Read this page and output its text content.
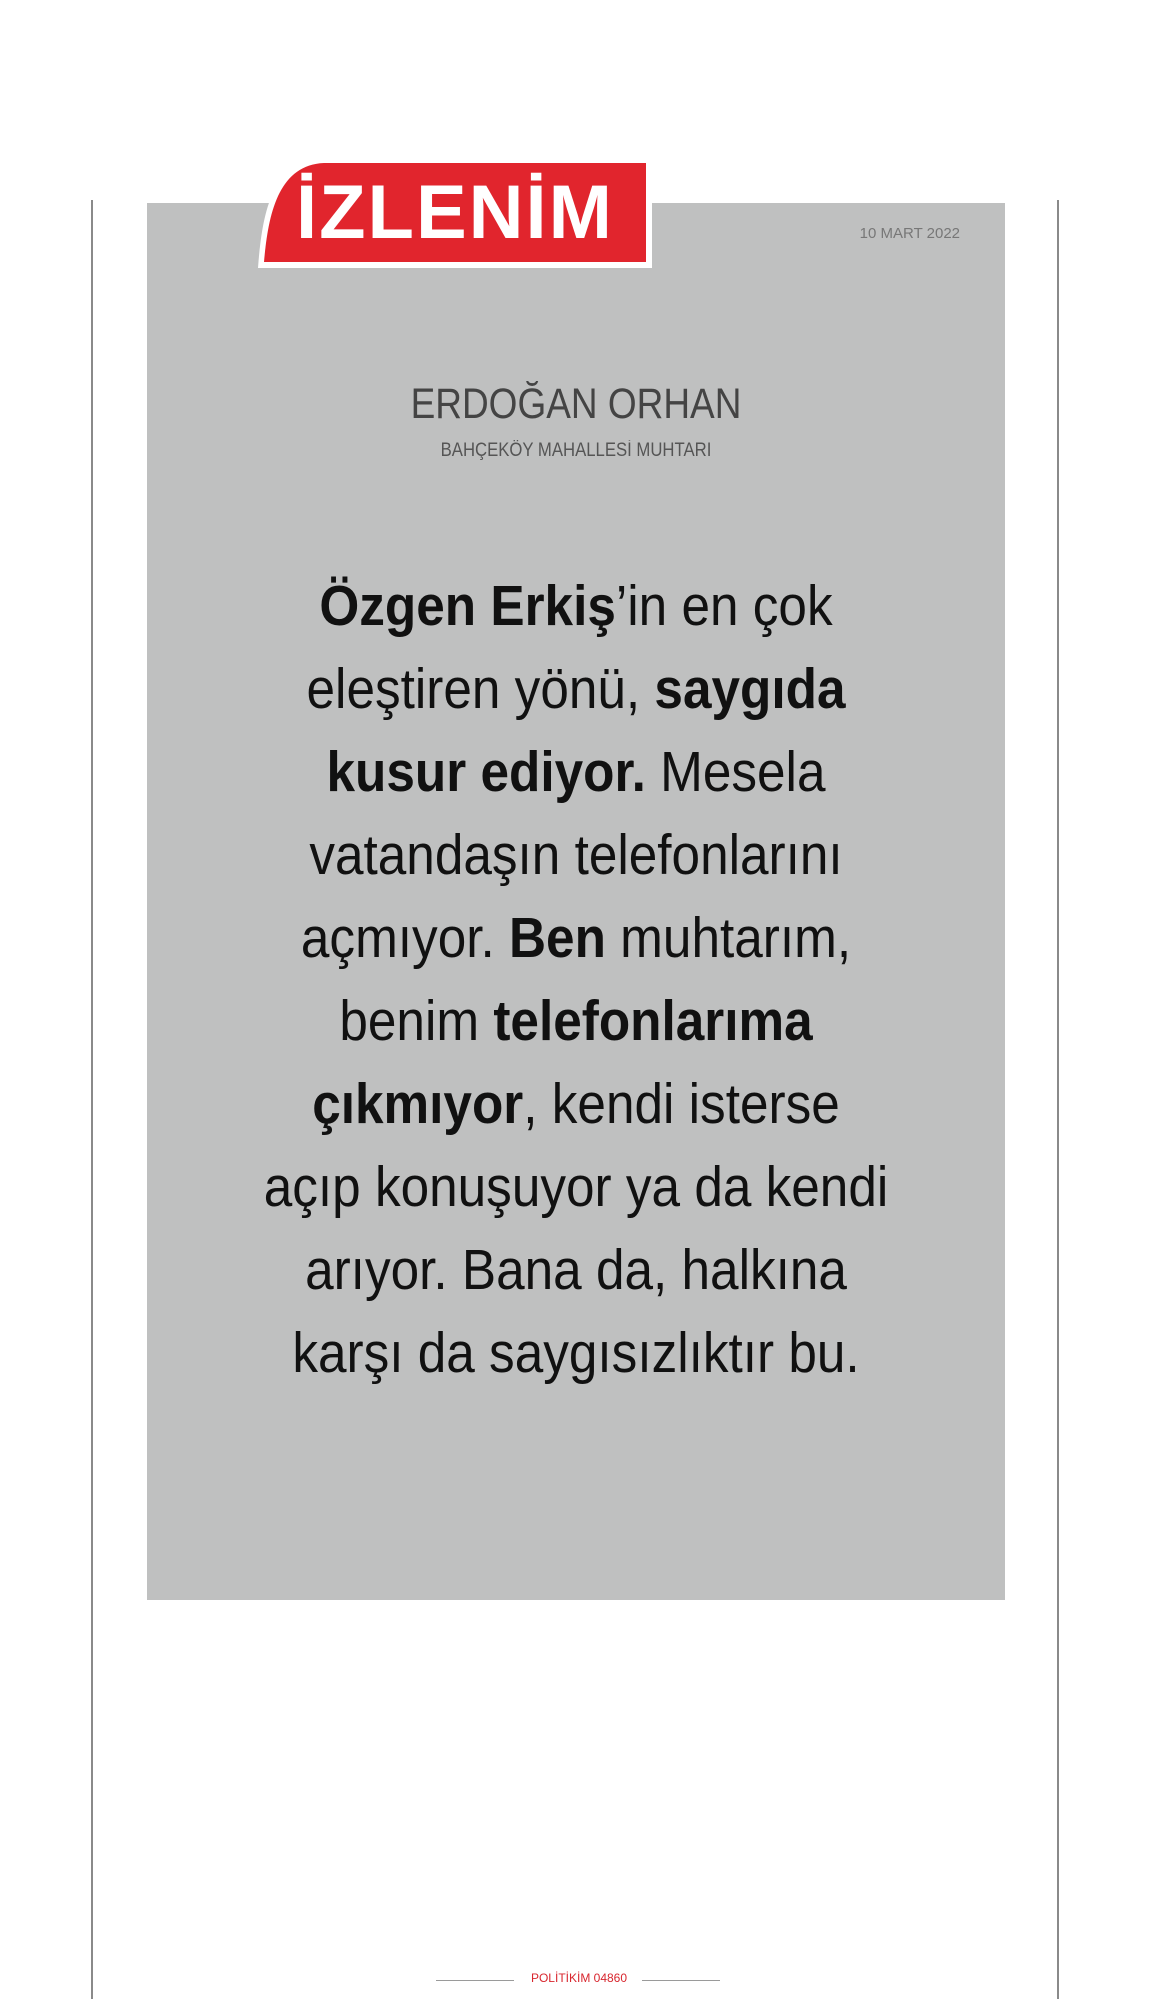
İZLENİM	10 MART 2022
ERDOĞAN ORHAN
BAHÇEKÖY MAHALLESİ MUHTARI
Özgen Erkiş’in en çok
eleştiren yönü, saygıda
kusur ediyor. Mesela
vatandaşın telefonlarını
açmıyor. Ben muhtarım,
benim telefonlarıma
çıkmıyor, kendi isterse
açıp konuşuyor ya da kendi
arıyor. Bana da, halkına
karşı da saygısızlıktır bu.
POLİTİKİM 04860
